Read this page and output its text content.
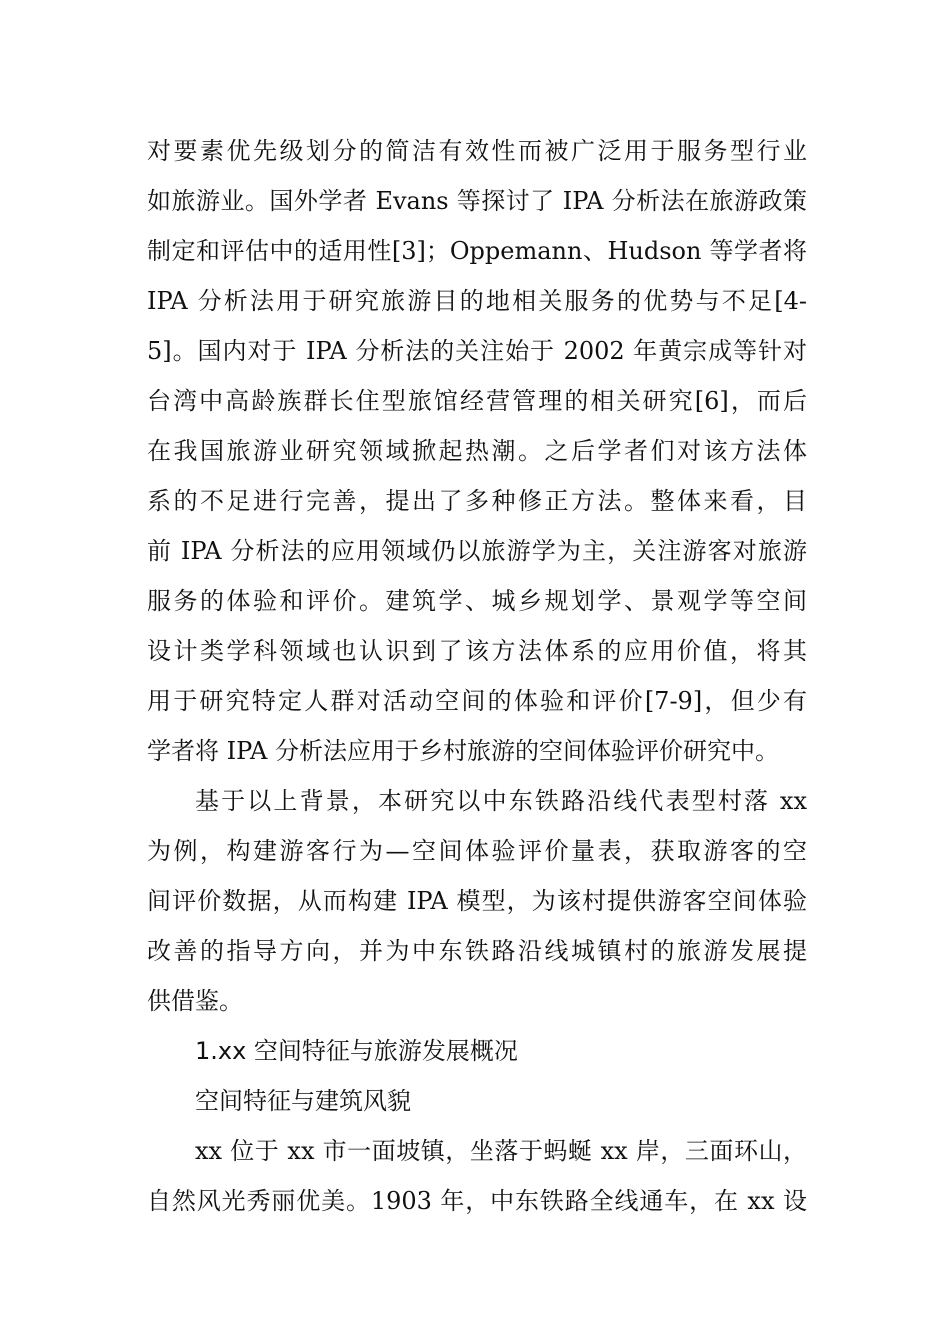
对要素优先级划分的简洁有效性而被广泛用于服务型行业
如旅游业。国外学者 Evans 等探讨了 IPA 分析法在旅游政策
制定和评估中的适用性[3]；Oppemann、Hudson 等学者将
IPA 分析法用于研究旅游目的地相关服务的优势与不足[4-
5]。国内对于 IPA 分析法的关注始于 2002 年黄宗成等针对
台湾中高龄族群长住型旅馆经营管理的相关研究[6]，而后
在我国旅游业研究领域掀起热潮。之后学者们对该方法体
系的不足进行完善，提出了多种修正方法。整体来看，目
前 IPA 分析法的应用领域仍以旅游学为主，关注游客对旅游
服务的体验和评价。建筑学、城乡规划学、景观学等空间
设计类学科领域也认识到了该方法体系的应用价值，将其
用于研究特定人群对活动空间的体验和评价[7-9]，但少有
学者将 IPA 分析法应用于乡村旅游的空间体验评价研究中。
基于以上背景，本研究以中东铁路沿线代表型村落 xx
为例，构建游客行为—空间体验评价量表，获取游客的空
间评价数据，从而构建 IPA 模型，为该村提供游客空间体验
改善的指导方向，并为中东铁路沿线城镇村的旅游发展提
供借鉴。
1.xx 空间特征与旅游发展概况
空间特征与建筑风貌
xx 位于 xx 市一面坡镇，坐落于蚂蜒 xx 岸，三面环山，
自然风光秀丽优美。1903 年，中东铁路全线通车，在 xx 设
